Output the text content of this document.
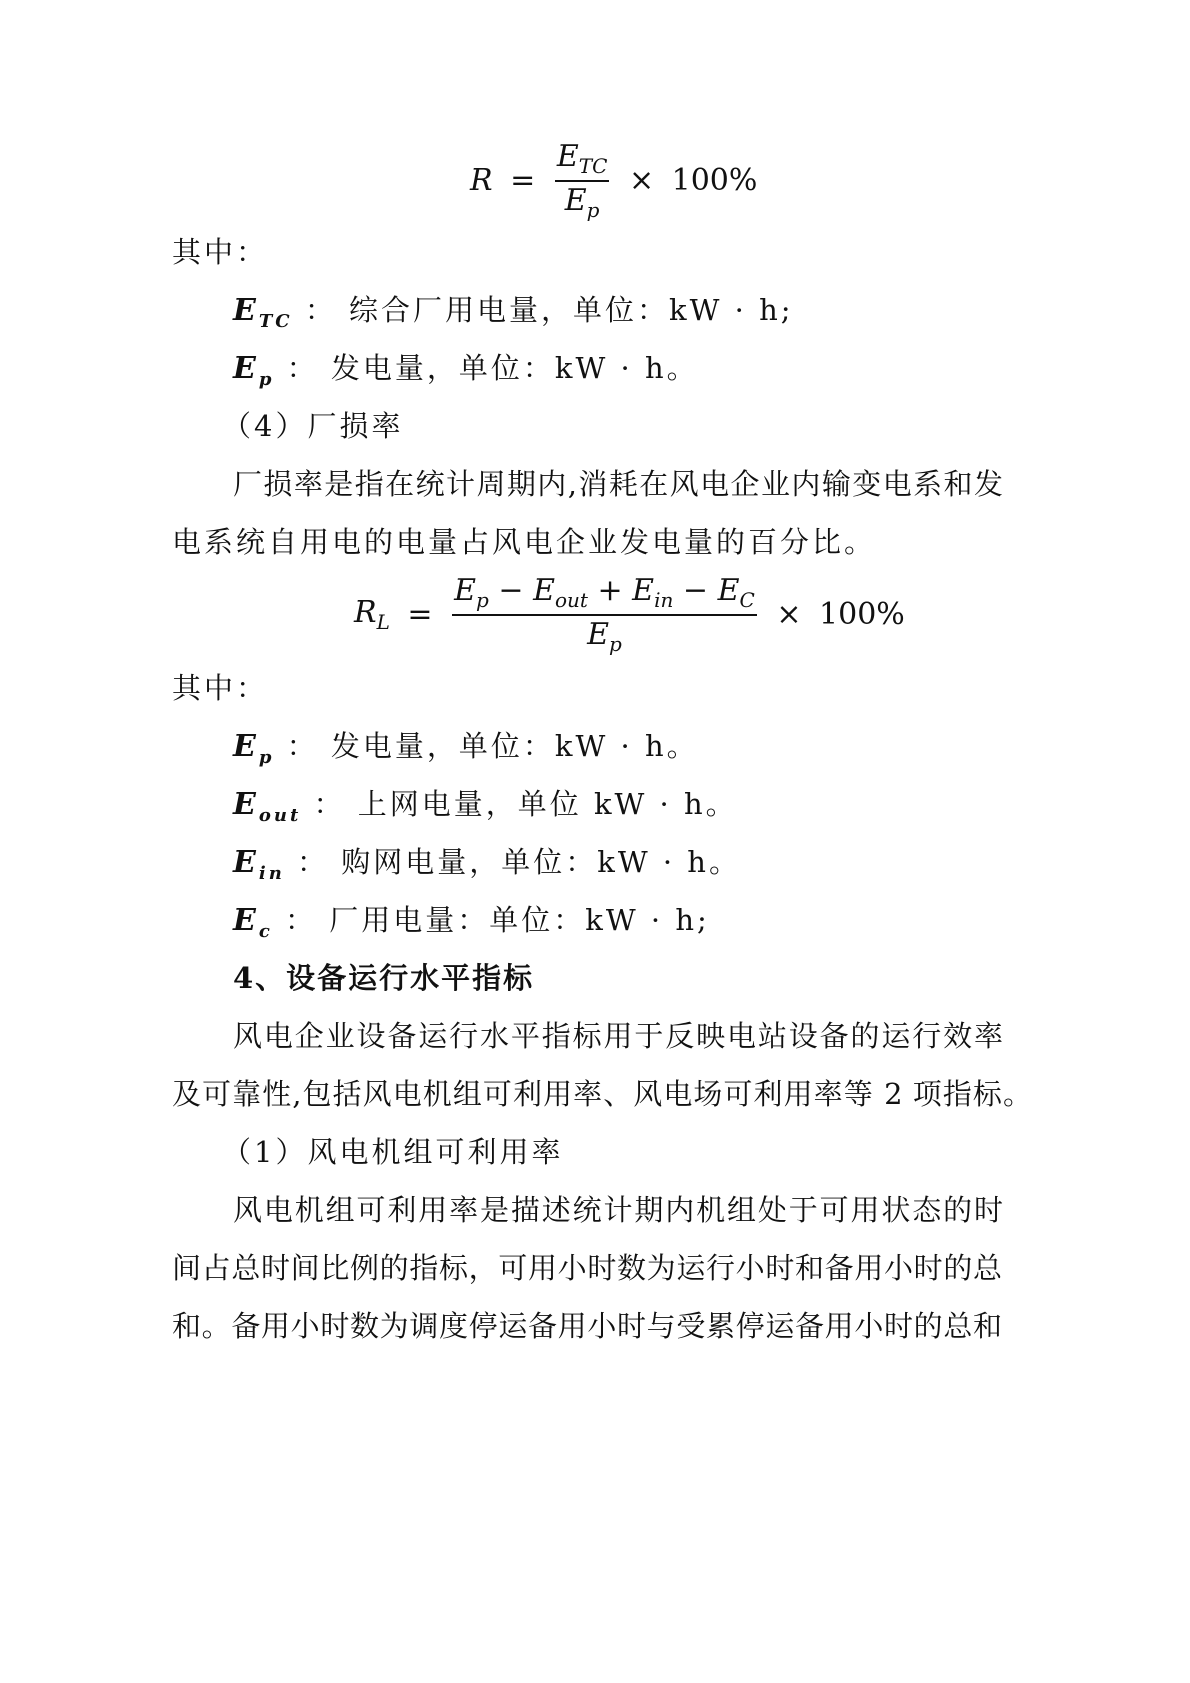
$R = \frac{E_{TC}}{E_p} \times 100\%$
其中：
$E_{TC}$ ： 综合厂用电量，单位：kW · h;
$E_p$ ： 发电量，单位：kW · h。
（4）厂损率
厂损率是指在统计周期内,消耗在风电企业内输变电系和发
电系统自用电的电量占风电企业发电量的百分比。
$R_L$ =
$E_p - E_{out} + E_{in} - E_C$
$E_p$
× 100%
其中：
$E_p$ ： 发电量，单位：kW · h。
$E_{out}$ ： 上网电量，单位 kW · h。
$E_{in}$ ： 购网电量，单位：kW · h。
$E_c$ ： 厂用电量：单位：kW · h;
4、设备运行水平指标
风电企业设备运行水平指标用于反映电站设备的运行效率
及可靠性,包括风电机组可利用率、风电场可利用率等 2 项指标。
（1）风电机组可利用率
风电机组可利用率是描述统计期内机组处于可用状态的时
间占总时间比例的指标，可用小时数为运行小时和备用小时的总
和。备用小时数为调度停运备用小时与受累停运备用小时的总和
